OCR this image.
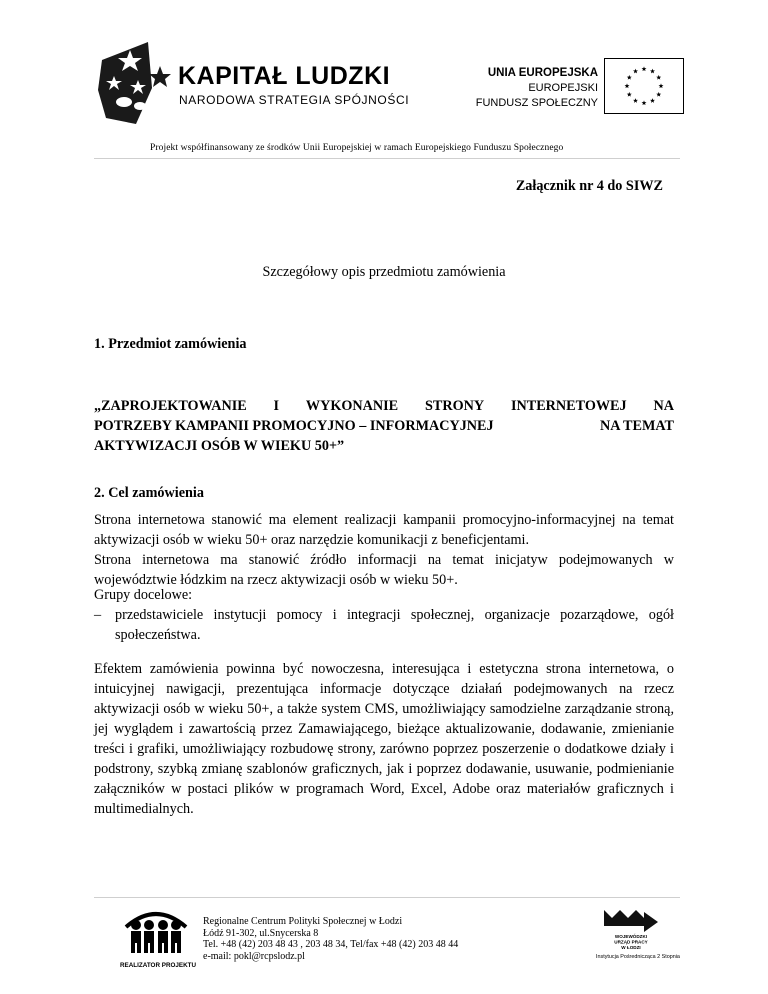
KAPITAŁ LUDZKI
NARODOWA STRATEGIA SPÓJNOŚCI
UNIA EUROPEJSKA
EUROPEJSKI
FUNDUSZ SPOŁECZNY
Projekt współfinansowany ze środków Unii Europejskiej w ramach Europejskiego Funduszu Społecznego
Załącznik nr 4 do SIWZ
Szczegółowy opis przedmiotu zamówienia
1. Przedmiot zamówienia
„ZAPROJEKTOWANIE I WYKONANIE STRONY INTERNETOWEJ NA
POTRZEBY KAMPANII PROMOCYJNO – INFORMACYJNEJ	NA TEMAT
AKTYWIZACJI OSÓB W WIEKU 50+”
2. Cel zamówienia
Strona internetowa stanowić ma element realizacji kampanii promocyjno-informacyjnej na temat aktywizacji osób w wieku 50+ oraz narzędzie komunikacji z beneficjentami.
Strona internetowa ma stanowić źródło informacji na temat inicjatyw podejmowanych w województwie łódzkim na rzecz aktywizacji osób w wieku 50+.
Grupy docelowe:
– przedstawiciele instytucji pomocy i integracji społecznej, organizacje pozarządowe, ogół społeczeństwa.
Efektem zamówienia powinna być nowoczesna, interesująca i estetyczna strona internetowa, o intuicyjnej nawigacji, prezentująca informacje dotyczące działań podejmowanych na rzecz aktywizacji osób w wieku 50+, a także system CMS, umożliwiający samodzielne zarządzanie stroną, jej wyglądem i zawartością przez Zamawiającego, bieżące aktualizowanie, dodawanie, zmienianie treści i grafiki, umożliwiający rozbudowę strony, zarówno poprzez poszerzenie o dodatkowe działy i podstrony, szybką zmianę szablonów graficznych, jak i poprzez dodawanie, usuwanie, podmienianie załączników w postaci plików w programach Word, Excel, Adobe oraz materiałów graficznych i multimedialnych.
REALIZATOR PROJEKTU
Regionalne Centrum Polityki Społecznej w Łodzi
Łódź 91-302, ul.Snycerska 8
Tel. +48 (42) 203 48 43 , 203 48 34, Tel/fax +48 (42) 203 48 44
e-mail: pokl@rcpslodz.pl
WOJEWÓDZKI
URZĄD PRACY
W ŁODZI
Instytucja Pośrednicząca 2 Stopnia
